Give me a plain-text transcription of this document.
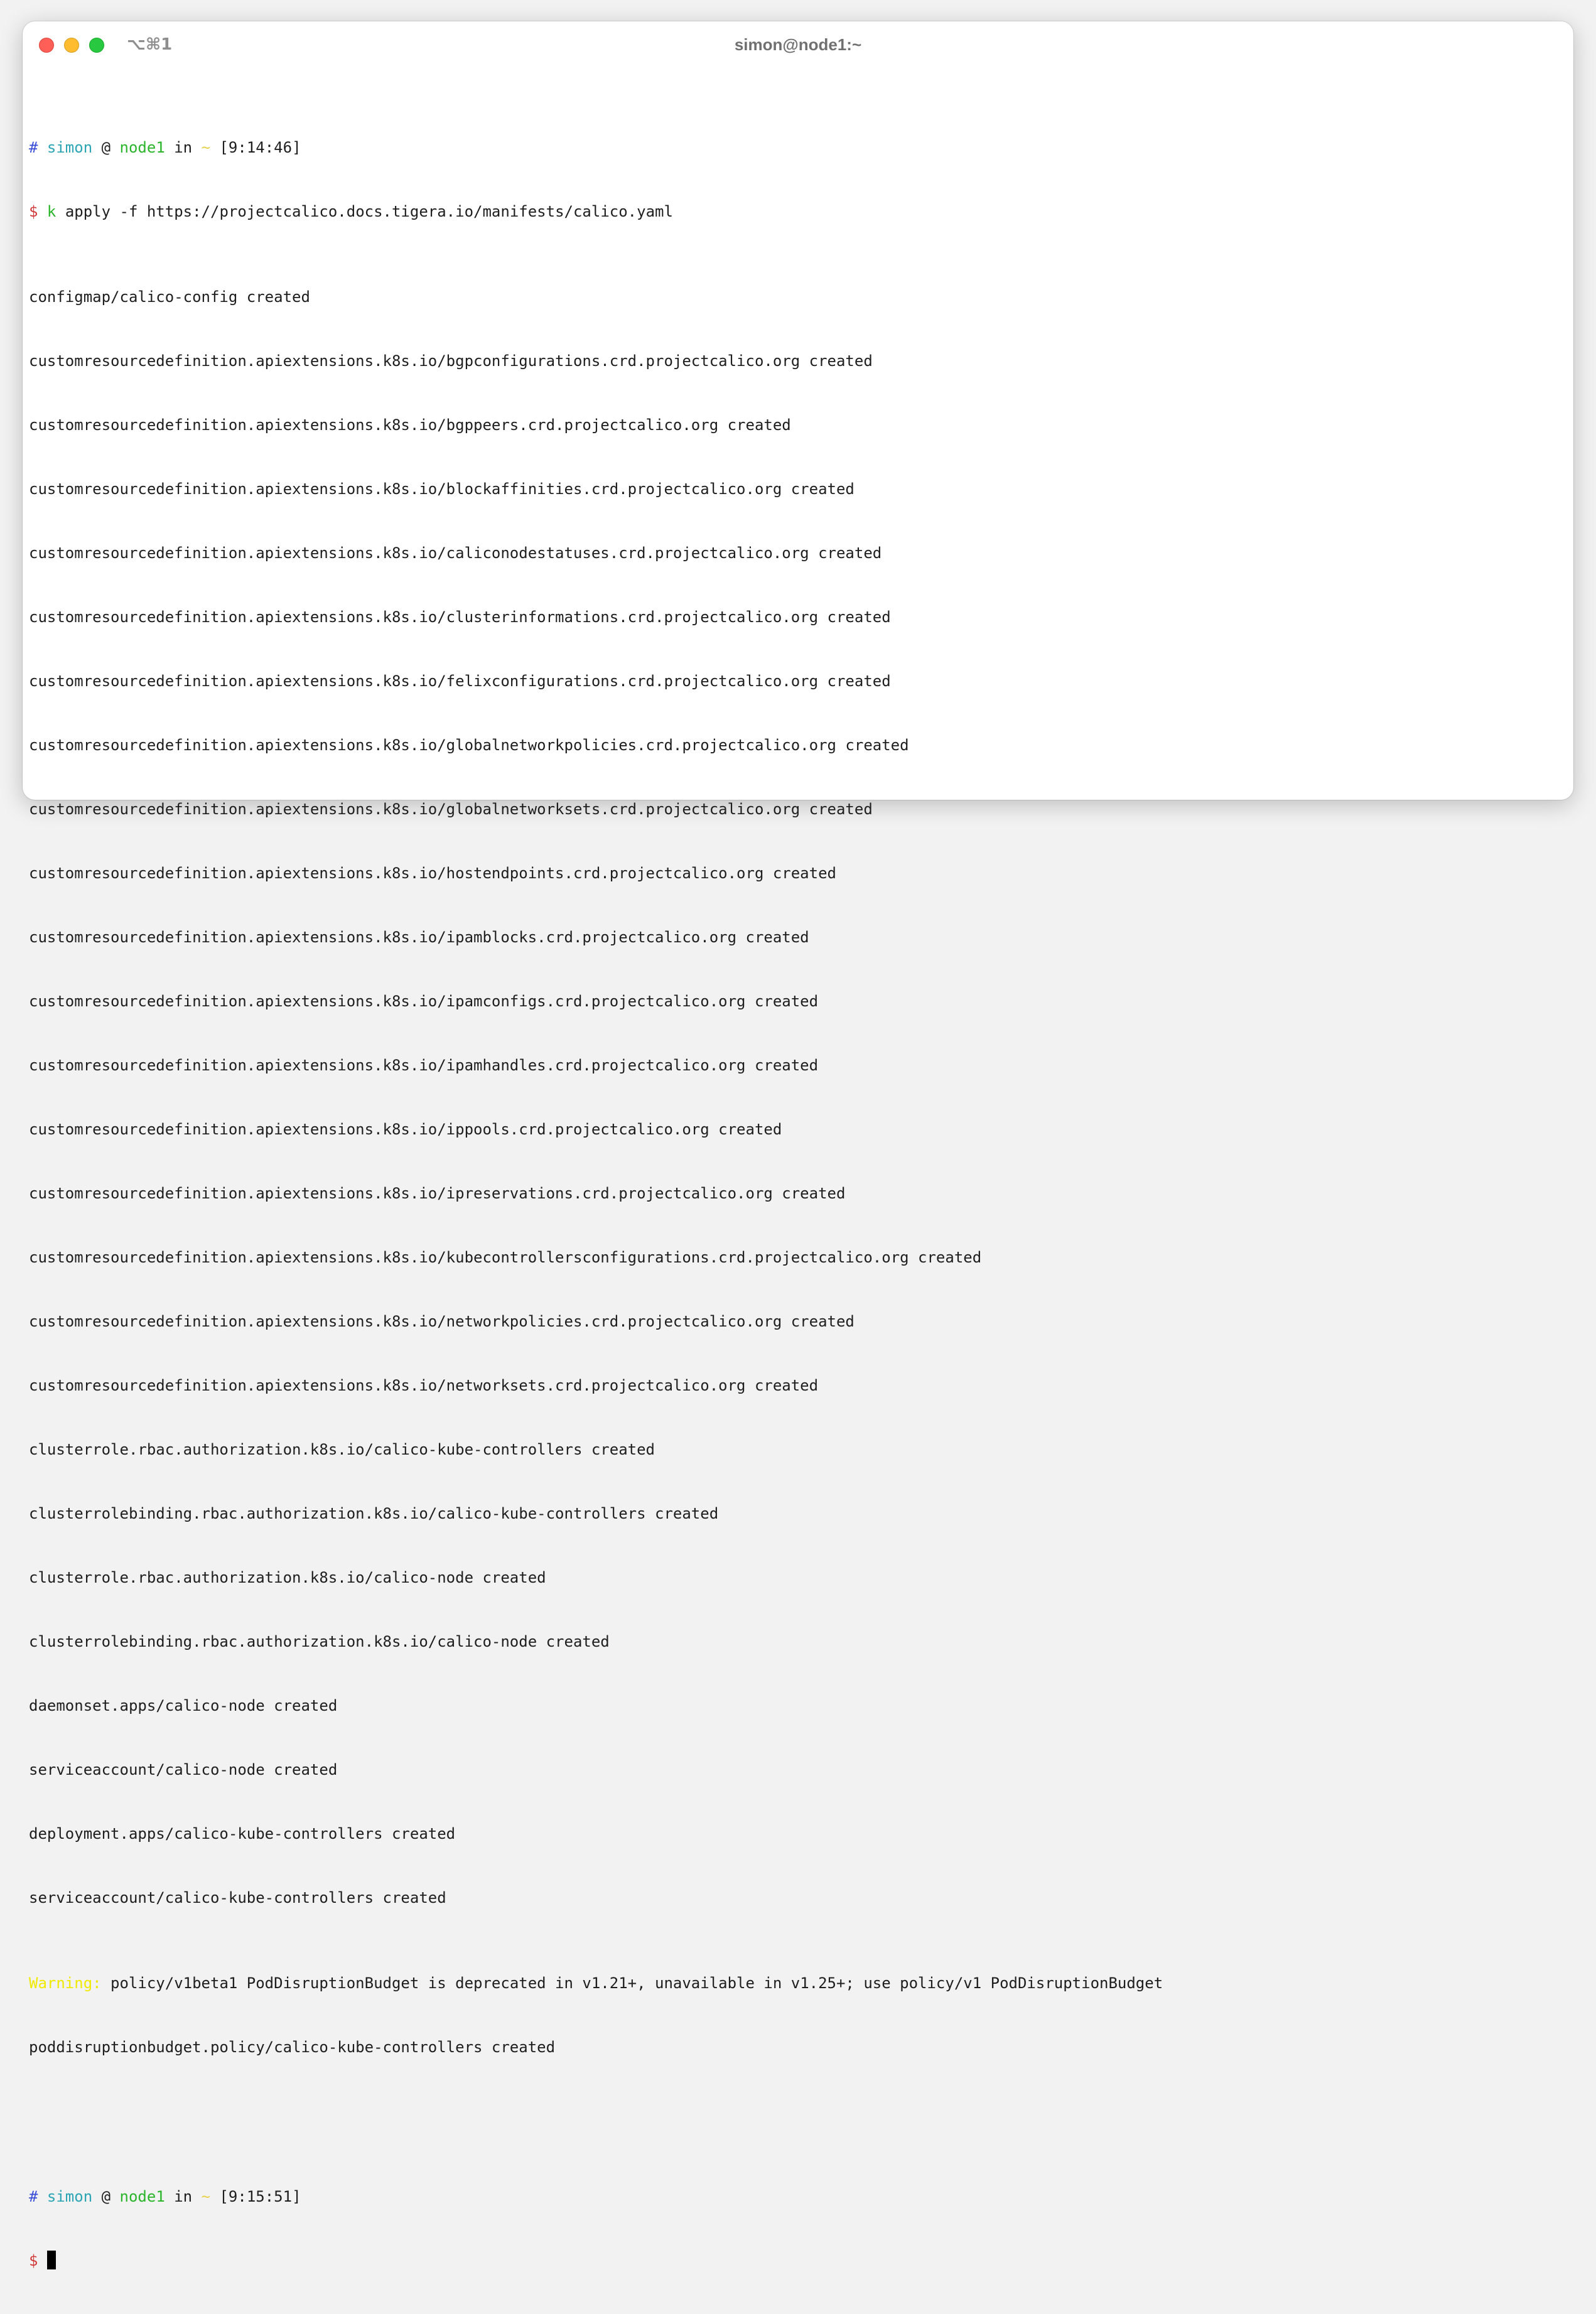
⌥⌘1	simon@node1:~

# simon @ node1 in ~ [9:14:46]

$ k apply -f https://projectcalico.docs.tigera.io/manifests/calico.yaml

configmap/calico-config created

customresourcedefinition.apiextensions.k8s.io/bgpconfigurations.crd.projectcalico.org created

customresourcedefinition.apiextensions.k8s.io/bgppeers.crd.projectcalico.org created

customresourcedefinition.apiextensions.k8s.io/blockaffinities.crd.projectcalico.org created

customresourcedefinition.apiextensions.k8s.io/caliconodestatuses.crd.projectcalico.org created

customresourcedefinition.apiextensions.k8s.io/clusterinformations.crd.projectcalico.org created

customresourcedefinition.apiextensions.k8s.io/felixconfigurations.crd.projectcalico.org created

customresourcedefinition.apiextensions.k8s.io/globalnetworkpolicies.crd.projectcalico.org created

customresourcedefinition.apiextensions.k8s.io/globalnetworksets.crd.projectcalico.org created

customresourcedefinition.apiextensions.k8s.io/hostendpoints.crd.projectcalico.org created

customresourcedefinition.apiextensions.k8s.io/ipamblocks.crd.projectcalico.org created

customresourcedefinition.apiextensions.k8s.io/ipamconfigs.crd.projectcalico.org created

customresourcedefinition.apiextensions.k8s.io/ipamhandles.crd.projectcalico.org created

customresourcedefinition.apiextensions.k8s.io/ippools.crd.projectcalico.org created

customresourcedefinition.apiextensions.k8s.io/ipreservations.crd.projectcalico.org created

customresourcedefinition.apiextensions.k8s.io/kubecontrollersconfigurations.crd.projectcalico.org created

customresourcedefinition.apiextensions.k8s.io/networkpolicies.crd.projectcalico.org created

customresourcedefinition.apiextensions.k8s.io/networksets.crd.projectcalico.org created

clusterrole.rbac.authorization.k8s.io/calico-kube-controllers created

clusterrolebinding.rbac.authorization.k8s.io/calico-kube-controllers created

clusterrole.rbac.authorization.k8s.io/calico-node created

clusterrolebinding.rbac.authorization.k8s.io/calico-node created

daemonset.apps/calico-node created

serviceaccount/calico-node created

deployment.apps/calico-kube-controllers created

serviceaccount/calico-kube-controllers created

Warning: policy/v1beta1 PodDisruptionBudget is deprecated in v1.21+, unavailable in v1.25+; use policy/v1 PodDisruptionBudget

poddisruptionbudget.policy/calico-kube-controllers created

# simon @ node1 in ~ [9:15:51]

$
